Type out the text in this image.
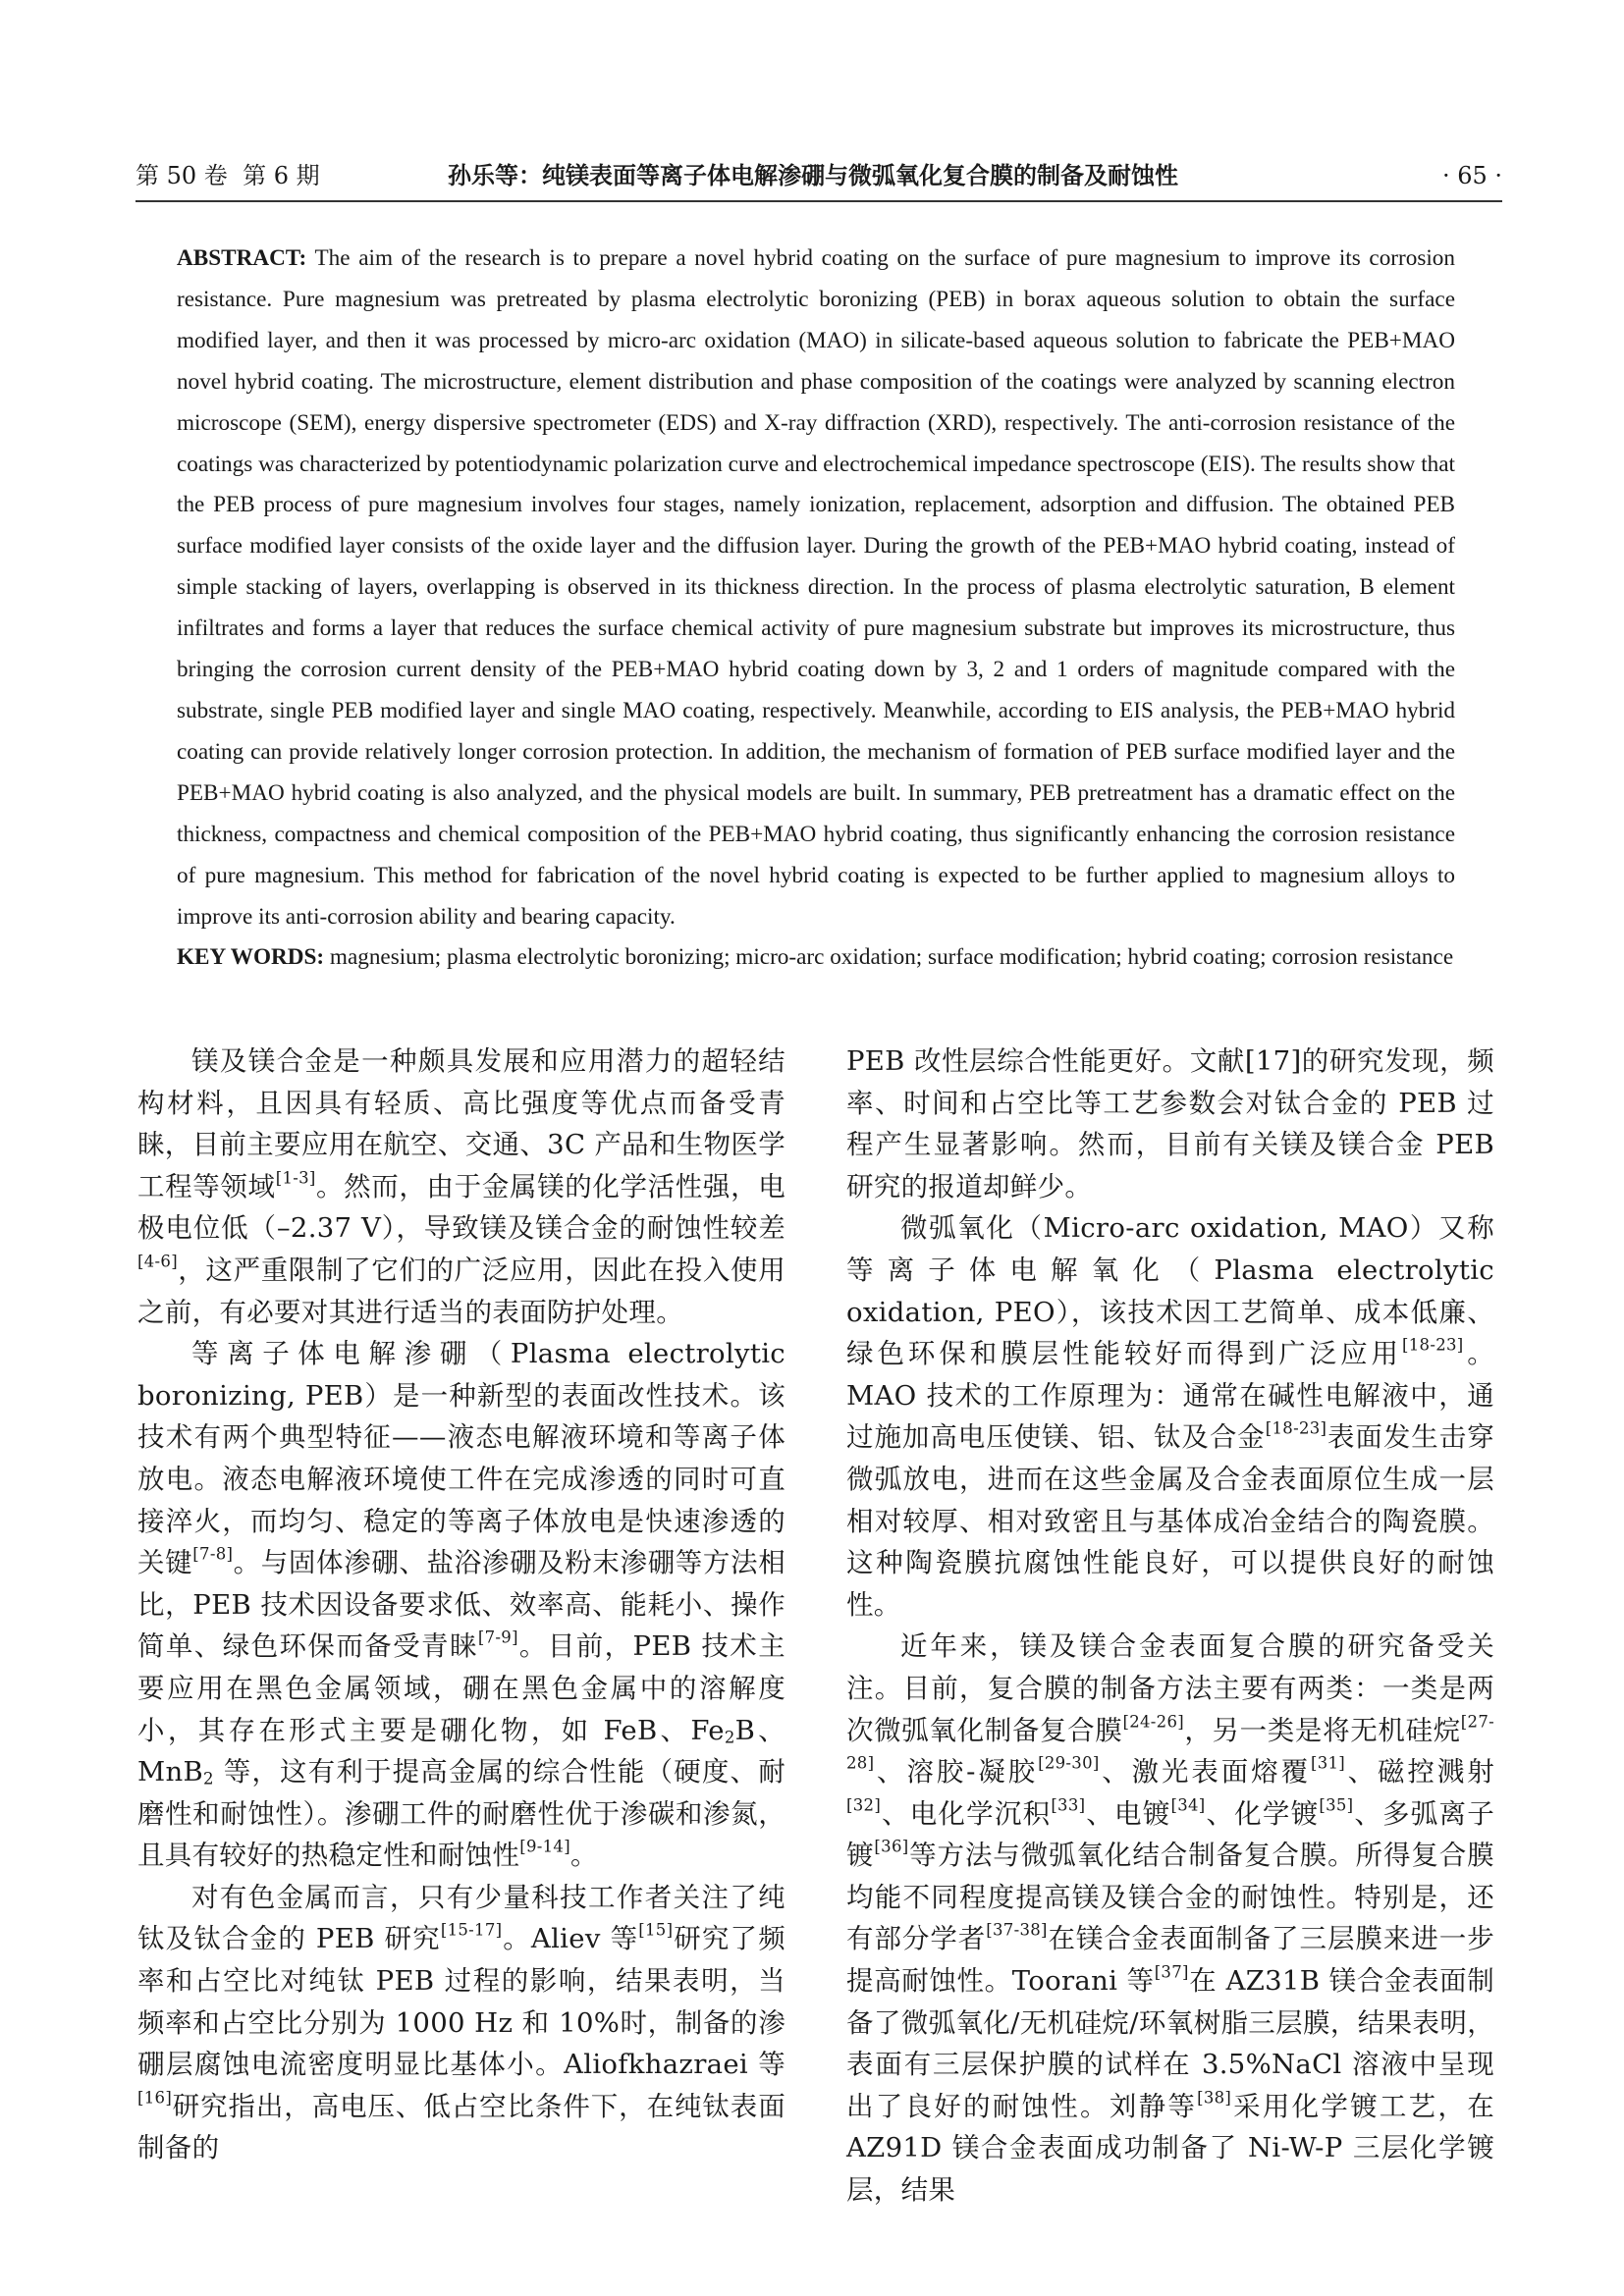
第 50 卷 第 6 期	孙乐等：纯镁表面等离子体电解渗硼与微弧氧化复合膜的制备及耐蚀性	· 65 ·

ABSTRACT: The aim of the research is to prepare a novel hybrid coating on the surface of pure magnesium to improve its corrosion resistance. Pure magnesium was pretreated by plasma electrolytic boronizing (PEB) in borax aqueous solution to obtain the surface modified layer, and then it was processed by micro-arc oxidation (MAO) in silicate-based aqueous solution to fabricate the PEB+MAO novel hybrid coating. The microstructure, element distribution and phase composition of the coatings were analyzed by scanning electron microscope (SEM), energy dispersive spectrometer (EDS) and X-ray diffraction (XRD), respectively. The anti-corrosion resistance of the coatings was characterized by potentiodynamic polarization curve and electrochemical impedance spectroscope (EIS). The results show that the PEB process of pure magnesium involves four stages, namely ionization, replacement, adsorption and diffusion. The obtained PEB surface modified layer consists of the oxide layer and the diffusion layer. During the growth of the PEB+MAO hybrid coating, instead of simple stacking of layers, overlapping is observed in its thickness direction. In the process of plasma electrolytic saturation, B element infiltrates and forms a layer that reduces the surface chemical activity of pure magnesium substrate but improves its microstructure, thus bringing the corrosion current density of the PEB+MAO hybrid coating down by 3, 2 and 1 orders of magnitude compared with the substrate, single PEB modified layer and single MAO coating, respectively. Meanwhile, according to EIS analysis, the PEB+MAO hybrid coating can provide relatively longer corrosion protection. In addition, the mechanism of formation of PEB surface modified layer and the PEB+MAO hybrid coating is also analyzed, and the physical models are built. In summary, PEB pretreatment has a dramatic effect on the thickness, compactness and chemical composition of the PEB+MAO hybrid coating, thus significantly enhancing the corrosion resistance of pure magnesium. This method for fabrication of the novel hybrid coating is expected to be further applied to magnesium alloys to improve its anti-corrosion ability and bearing capacity.

KEY WORDS: magnesium; plasma electrolytic boronizing; micro-arc oxidation; surface modification; hybrid coating; corrosion resistance

镁及镁合金是一种颇具发展和应用潜力的超轻结构材料，且因具有轻质、高比强度等优点而备受青睐，目前主要应用在航空、交通、3C 产品和生物医学工程等领域[1-3]。然而，由于金属镁的化学活性强，电极电位低（–2.37 V），导致镁及镁合金的耐蚀性较差[4-6]，这严重限制了它们的广泛应用，因此在投入使用之前，有必要对其进行适当的表面防护处理。

等离子体电解渗硼（Plasma electrolytic boronizing, PEB）是一种新型的表面改性技术。该技术有两个典型特征——液态电解液环境和等离子体放电。液态电解液环境使工件在完成渗透的同时可直接淬火，而均匀、稳定的等离子体放电是快速渗透的关键[7-8]。与固体渗硼、盐浴渗硼及粉末渗硼等方法相比，PEB 技术因设备要求低、效率高、能耗小、操作简单、绿色环保而备受青睐[7-9]。目前，PEB 技术主要应用在黑色金属领域，硼在黑色金属中的溶解度小，其存在形式主要是硼化物，如 FeB、$Fe_2B$、MnB$_2$ 等，这有利于提高金属的综合性能（硬度、耐磨性和耐蚀性）。渗硼工件的耐磨性优于渗碳和渗氮，且具有较好的热稳定性和耐蚀性[9-14]。

对有色金属而言，只有少量科技工作者关注了纯钛及钛合金的 PEB 研究[15-17]。Aliev 等[15]研究了频率和占空比对纯钛 PEB 过程的影响，结果表明，当频率和占空比分别为 1000 Hz 和 10%时，制备的渗硼层腐蚀电流密度明显比基体小。Aliofkhazraei 等[16]研究指出，高电压、低占空比条件下，在纯钛表面制备的

PEB 改性层综合性能更好。文献[17]的研究发现，频率、时间和占空比等工艺参数会对钛合金的 PEB 过程产生显著影响。然而，目前有关镁及镁合金 PEB 研究的报道却鲜少。

微弧氧化（Micro-arc oxidation, MAO）又称等离子体电解氧化（Plasma electrolytic oxidation, PEO），该技术因工艺简单、成本低廉、绿色环保和膜层性能较好而得到广泛应用[18-23]。MAO 技术的工作原理为：通常在碱性电解液中，通过施加高电压使镁、铝、钛及合金[18-23]表面发生击穿微弧放电，进而在这些金属及合金表面原位生成一层相对较厚、相对致密且与基体成冶金结合的陶瓷膜。这种陶瓷膜抗腐蚀性能良好，可以提供良好的耐蚀性。

近年来，镁及镁合金表面复合膜的研究备受关注。目前，复合膜的制备方法主要有两类：一类是两次微弧氧化制备复合膜[24-26]，另一类是将无机硅烷[27-28]、溶胶-凝胶[29-30]、激光表面熔覆[31]、磁控溅射[32]、电化学沉积[33]、电镀[34]、化学镀[35]、多弧离子镀[36]等方法与微弧氧化结合制备复合膜。所得复合膜均能不同程度提高镁及镁合金的耐蚀性。特别是，还有部分学者[37-38]在镁合金表面制备了三层膜来进一步提高耐蚀性。Toorani 等[37]在 AZ31B 镁合金表面制备了微弧氧化/无机硅烷/环氧树脂三层膜，结果表明，表面有三层保护膜的试样在 3.5%NaCl 溶液中呈现出了良好的耐蚀性。刘静等[38]采用化学镀工艺，在 AZ91D 镁合金表面成功制备了 Ni-W-P 三层化学镀层，结果
